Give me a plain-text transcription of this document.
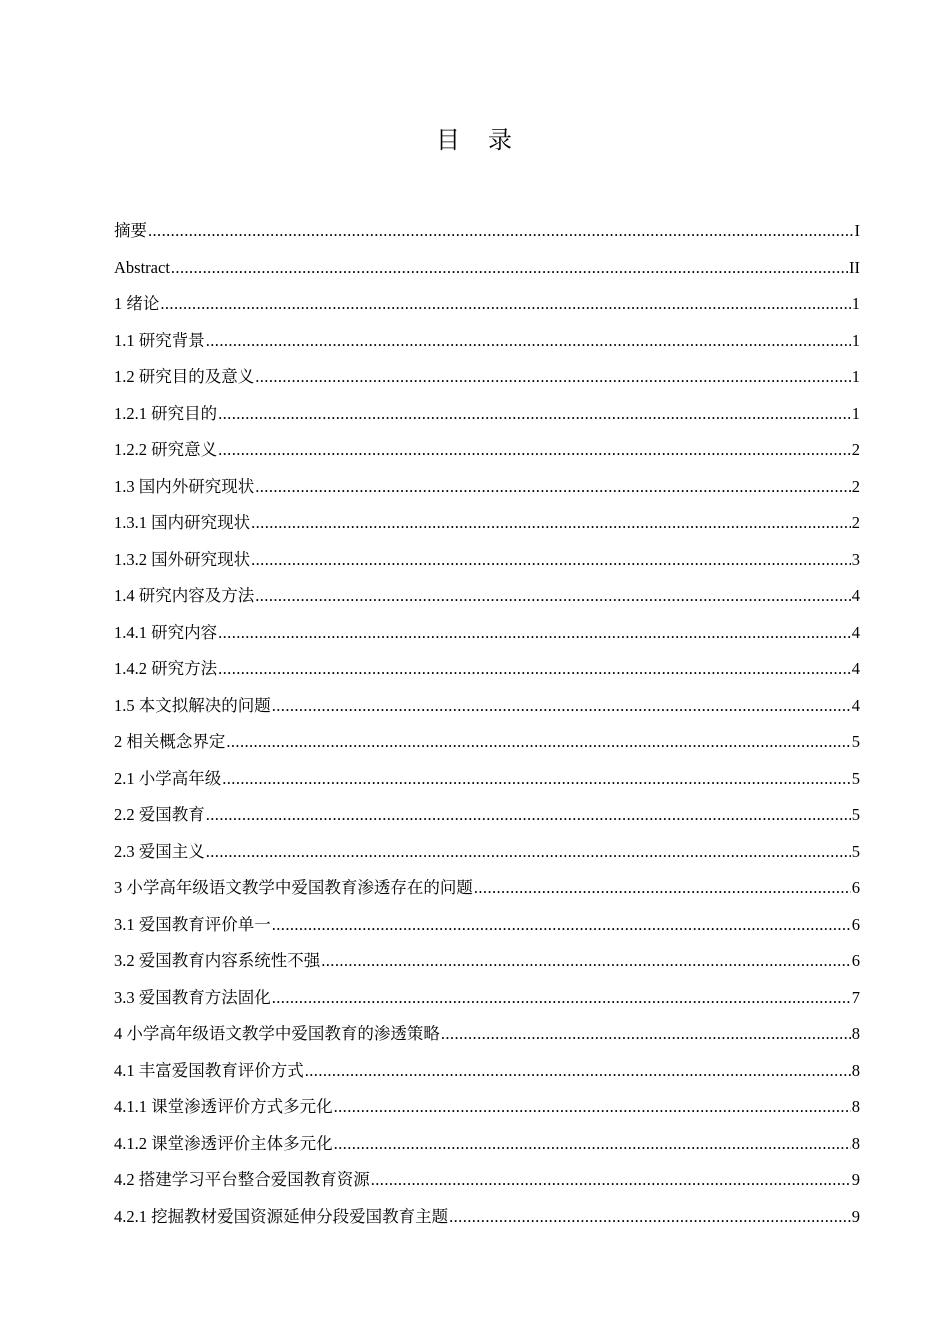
目录
摘要 .....	I
Abstract .....	II
1 绪论 .....	1
1.1 研究背景 .....	1
1.2 研究目的及意义 .....	1
1.2.1 研究目的 .....	1
1.2.2 研究意义 .....	2
1.3 国内外研究现状 .....	2
1.3.1 国内研究现状 .....	2
1.3.2 国外研究现状 .....	3
1.4 研究内容及方法 .....	4
1.4.1 研究内容 .....	4
1.4.2 研究方法 .....	4
1.5 本文拟解决的问题 .....	4
2 相关概念界定 .....	5
2.1 小学高年级 .....	5
2.2 爱国教育 .....	5
2.3 爱国主义 .....	5
3 小学高年级语文教学中爱国教育渗透存在的问题 .....	6
3.1 爱国教育评价单一 .....	6
3.2 爱国教育内容系统性不强 .....	6
3.3 爱国教育方法固化 .....	7
4 小学高年级语文教学中爱国教育的渗透策略 .....	8
4.1 丰富爱国教育评价方式 .....	8
4.1.1 课堂渗透评价方式多元化 .....	8
4.1.2 课堂渗透评价主体多元化 .....	8
4.2 搭建学习平台整合爱国教育资源 .....	9
4.2.1 挖掘教材爱国资源延伸分段爱国教育主题 .....	9
